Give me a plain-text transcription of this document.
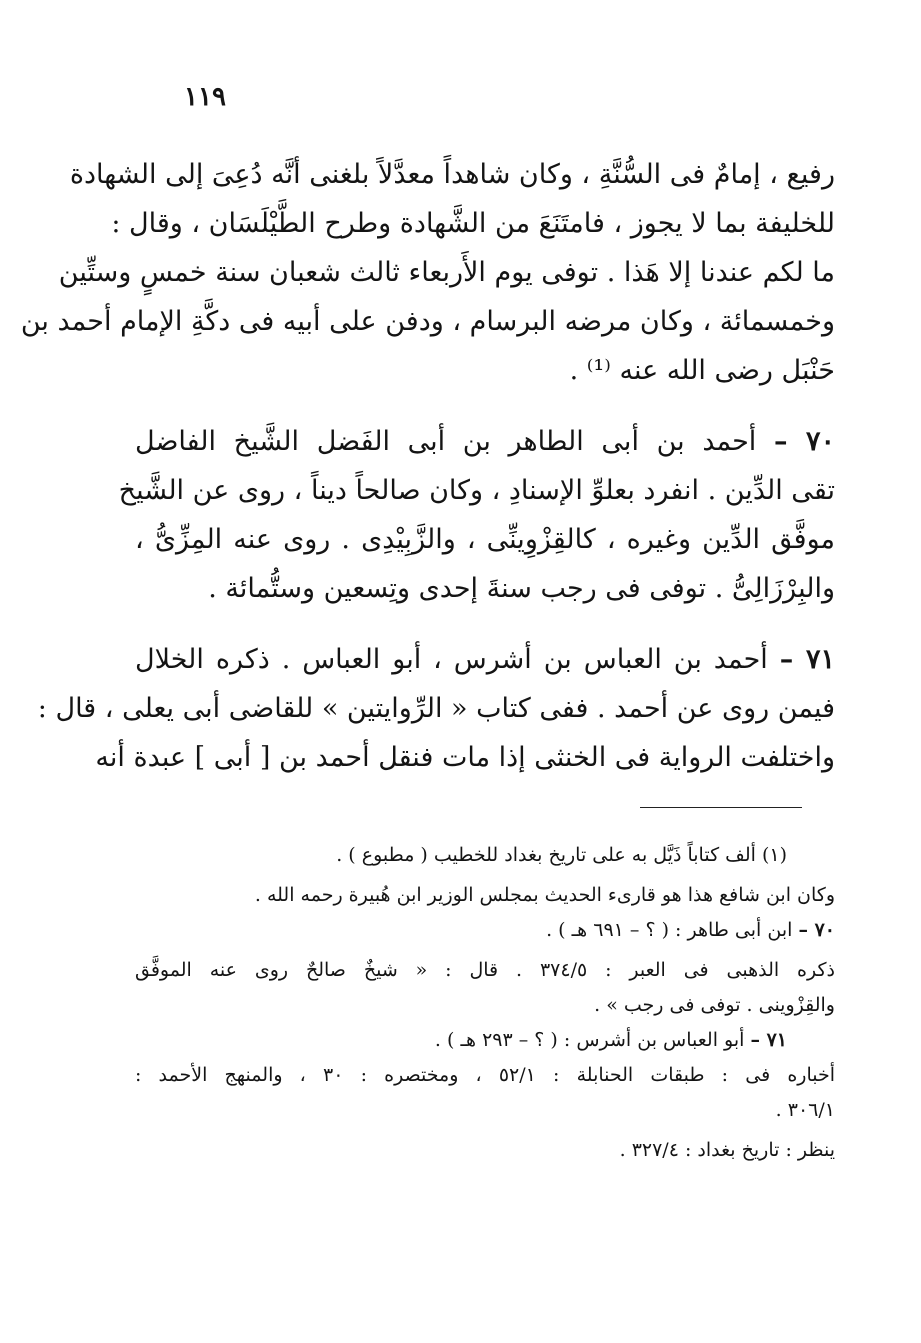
١١٩
رفيع ، إمامٌ فى السُّنَّةِ ، وكان شاهداً معدَّلاً بلغنى أنَّه دُعِىَ إلى الشهادة
للخليفة بما لا يجوز ، فامتَنَعَ من الشَّهادة وطرح الطَّيْلَسَان ، وقال :
ما لكم عندنا إلا هَذا . توفى يوم الأَربعاء ثالث شعبان سنة خمسٍ وستِّين
وخمسمائة ، وكان مرضه البرسام ، ودفن على أبيه فى دكَّةِ الإمام أحمد بن
حَنْبَل رضى الله عنه ⁽¹⁾ .
٧٠ – أحمد بن أبى الطاهر بن أبى الفَضل الشَّيخ الفاضل
تقى الدِّين . انفرد بعلوِّ الإسنادِ ، وكان صالحاً ديناً ، روى عن الشَّيخ
موفَّق الدِّين وغيره ، كالقِزْوِينِّى ، والزَّبِيْدِى . روى عنه المِزِّىُّ ،
والبِرْزَالِىُّ . توفى فى رجب سنةَ إحدى وتِسعين وستُّمائة .
٧١ – أحمد بن العباس بن أشرس ، أبو العباس . ذكره الخلال
فيمن روى عن أحمد . ففى كتاب « الرِّوايتين » للقاضى أبى يعلى ، قال :
واختلفت الرواية فى الخنثى إذا مات فنقل أحمد بن [ أبى ] عبدة أنه
(١) ألف كتاباً ذَيَّل به على تاريخ بغداد للخطيب ( مطبوع ) .
وكان ابن شافع هذا هو قارىء الحديث بمجلس الوزير ابن هُبيرة رحمه الله .
٧٠ – ابن أبى طاهر : ( ؟ – ٦٩١ هـ ) .
ذكره الذهبى فى العبر : ٣٧٤/٥ . قال : « شيخٌ صالحٌ روى عنه الموفَّق
والقِزْوينى . توفى فى رجب » .
٧١ – أبو العباس بن أشرس : ( ؟ – ٢٩٣ هـ ) .
أخباره فى : طبقات الحنابلة : ٥٢/١ ، ومختصره : ٣٠ ، والمنهج الأحمد :
٣٠٦/١ .
ينظر : تاريخ بغداد : ٣٢٧/٤ .
